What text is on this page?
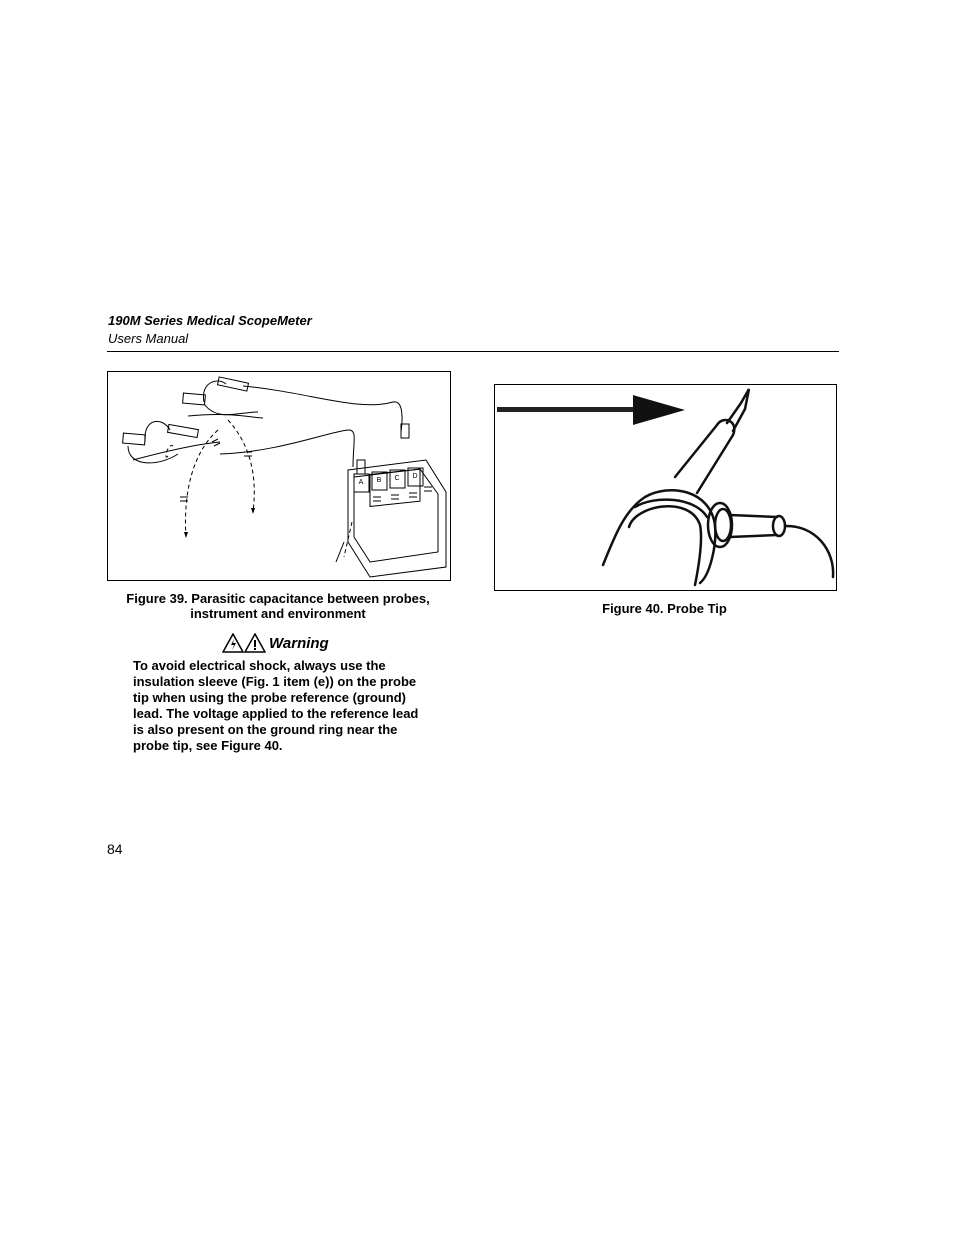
190M Series Medical ScopeMeter
Users Manual
A B C D
Figure 39. Parasitic capacitance between probes,
instrument and environment	Figure 40. Probe Tip
Warning
To avoid electrical shock, always use the
insulation sleeve (Fig. 1 item (e)) on the probe
tip when using the probe reference (ground)
lead. The voltage applied to the reference lead
is also present on the ground ring near the
probe tip, see Figure 40.
84
